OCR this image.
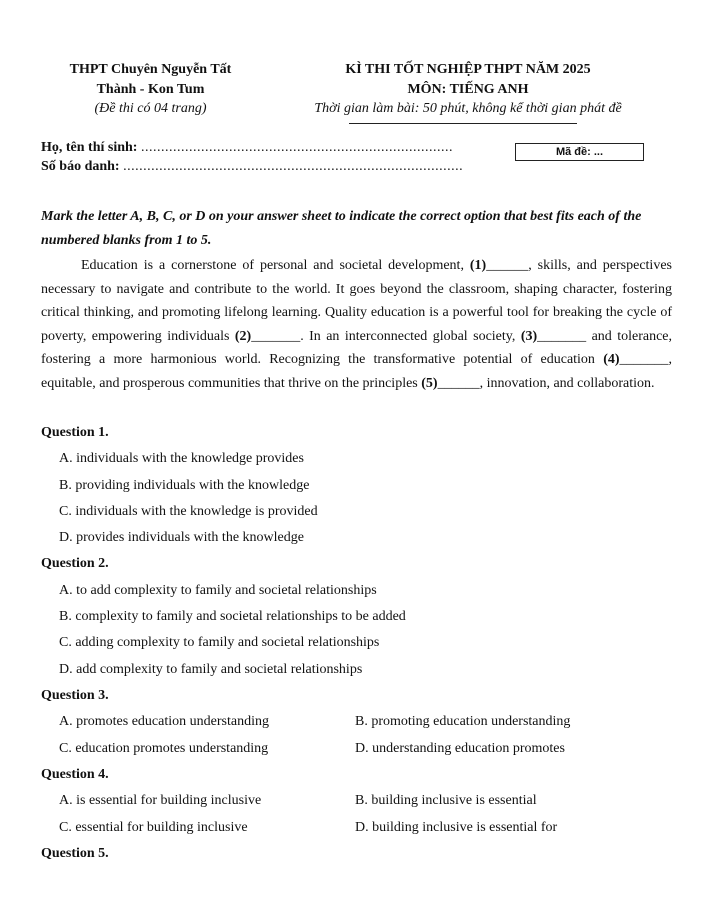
THPT Chuyên Nguyễn Tất
Thành - Kon Tum
(Đề thi có 04 trang)
KÌ THI TỐT NGHIỆP THPT NĂM 2025
MÔN: TIẾNG ANH
Thời gian làm bài: 50 phút, không kể thời gian phát đề
Họ, tên thí sinh: ..............................................................................
Số báo danh: .....................................................................................
Mã đề: ...
Mark the letter A, B, C, or D on your answer sheet to indicate the correct option that best fits each of the numbered blanks from 1 to 5.
Education is a cornerstone of personal and societal development, (1)______, skills, and perspectives necessary to navigate and contribute to the world. It goes beyond the classroom, shaping character, fostering critical thinking, and promoting lifelong learning. Quality education is a powerful tool for breaking the cycle of poverty, empowering individuals (2)_______. In an interconnected global society, (3)_______ and tolerance, fostering a more harmonious world. Recognizing the transformative potential of education (4)_______, equitable, and prosperous communities that thrive on the principles (5)______, innovation, and collaboration.
Question 1.
A. individuals with the knowledge provides
B. providing individuals with the knowledge
C. individuals with the knowledge is provided
D. provides individuals with the knowledge
Question 2.
A. to add complexity to family and societal relationships
B. complexity to family and societal relationships to be added
C. adding complexity to family and societal relationships
D. add complexity to family and societal relationships
Question 3.
A. promotes education understanding	B. promoting education understanding
C. education promotes understanding	D. understanding education promotes
Question 4.
A. is essential for building inclusive	B. building inclusive is essential
C. essential for building inclusive	D. building inclusive is essential for
Question 5.
